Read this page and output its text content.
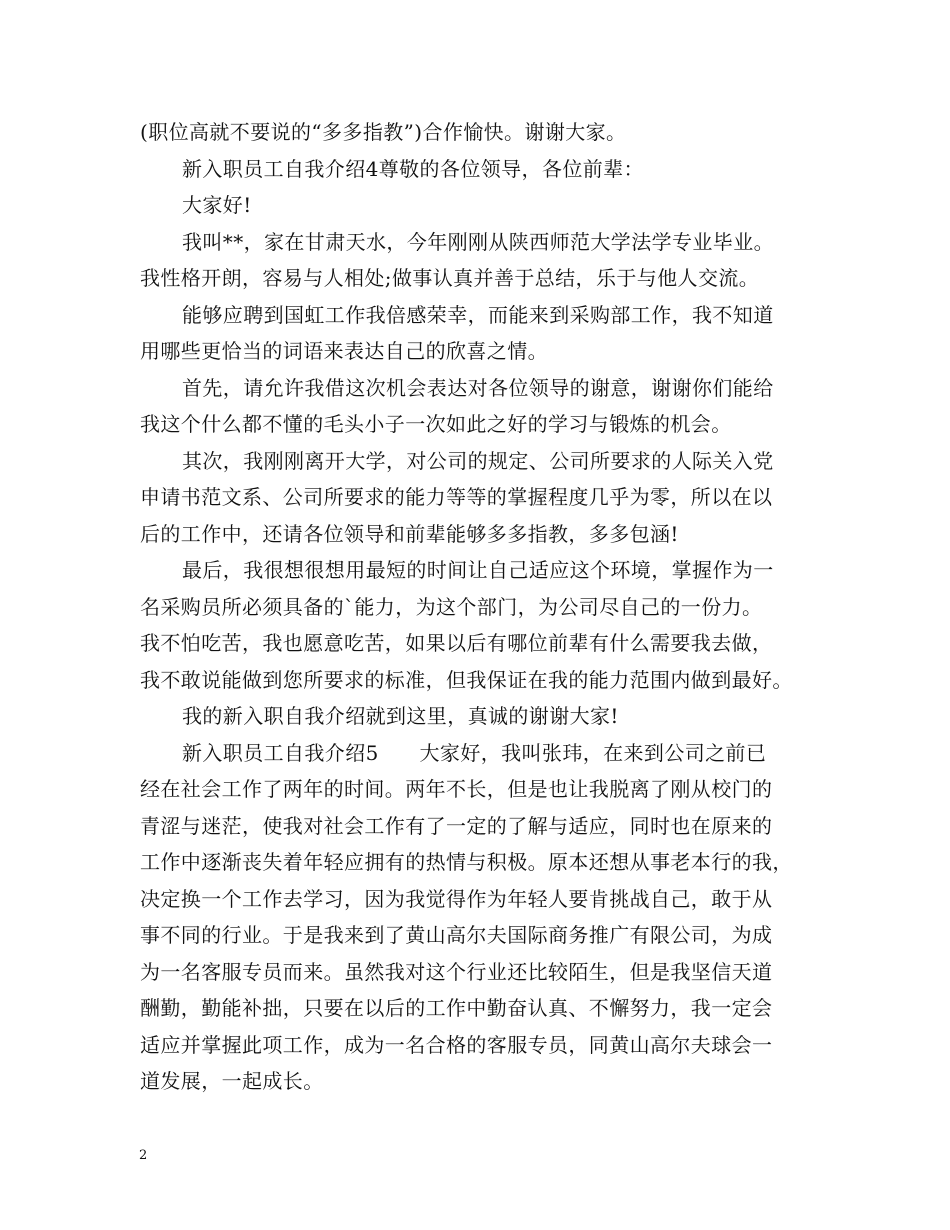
(职位高就不要说的“多多指教”)合作愉快。谢谢大家。
新入职员工自我介绍4尊敬的各位领导，各位前辈：
大家好!
我叫**，家在甘肃天水，今年刚刚从陕西师范大学法学专业毕业。
我性格开朗，容易与人相处;做事认真并善于总结，乐于与他人交流。
能够应聘到国虹工作我倍感荣幸，而能来到采购部工作，我不知道
用哪些更恰当的词语来表达自己的欣喜之情。
首先，请允许我借这次机会表达对各位领导的谢意，谢谢你们能给
我这个什么都不懂的毛头小子一次如此之好的学习与锻炼的机会。
其次，我刚刚离开大学，对公司的规定、公司所要求的人际关入党
申请书范文系、公司所要求的能力等等的掌握程度几乎为零，所以在以
后的工作中，还请各位领导和前辈能够多多指教，多多包涵!
最后，我很想很想用最短的时间让自己适应这个环境，掌握作为一
名采购员所必须具备的`能力，为这个部门，为公司尽自己的一份力。
我不怕吃苦，我也愿意吃苦，如果以后有哪位前辈有什么需要我去做，
我不敢说能做到您所要求的标准，但我保证在我的能力范围内做到最好。
我的新入职自我介绍就到这里，真诚的谢谢大家!
新入职员工自我介绍5　　大家好，我叫张玮，在来到公司之前已
经在社会工作了两年的时间。两年不长，但是也让我脱离了刚从校门的
青涩与迷茫，使我对社会工作有了一定的了解与适应，同时也在原来的
工作中逐渐丧失着年轻应拥有的热情与积极。原本还想从事老本行的我，
决定换一个工作去学习，因为我觉得作为年轻人要肯挑战自己，敢于从
事不同的行业。于是我来到了黄山高尔夫国际商务推广有限公司，为成
为一名客服专员而来。虽然我对这个行业还比较陌生，但是我坚信天道
酬勤，勤能补拙，只要在以后的工作中勤奋认真、不懈努力，我一定会
适应并掌握此项工作，成为一名合格的客服专员，同黄山高尔夫球会一
道发展，一起成长。
2
